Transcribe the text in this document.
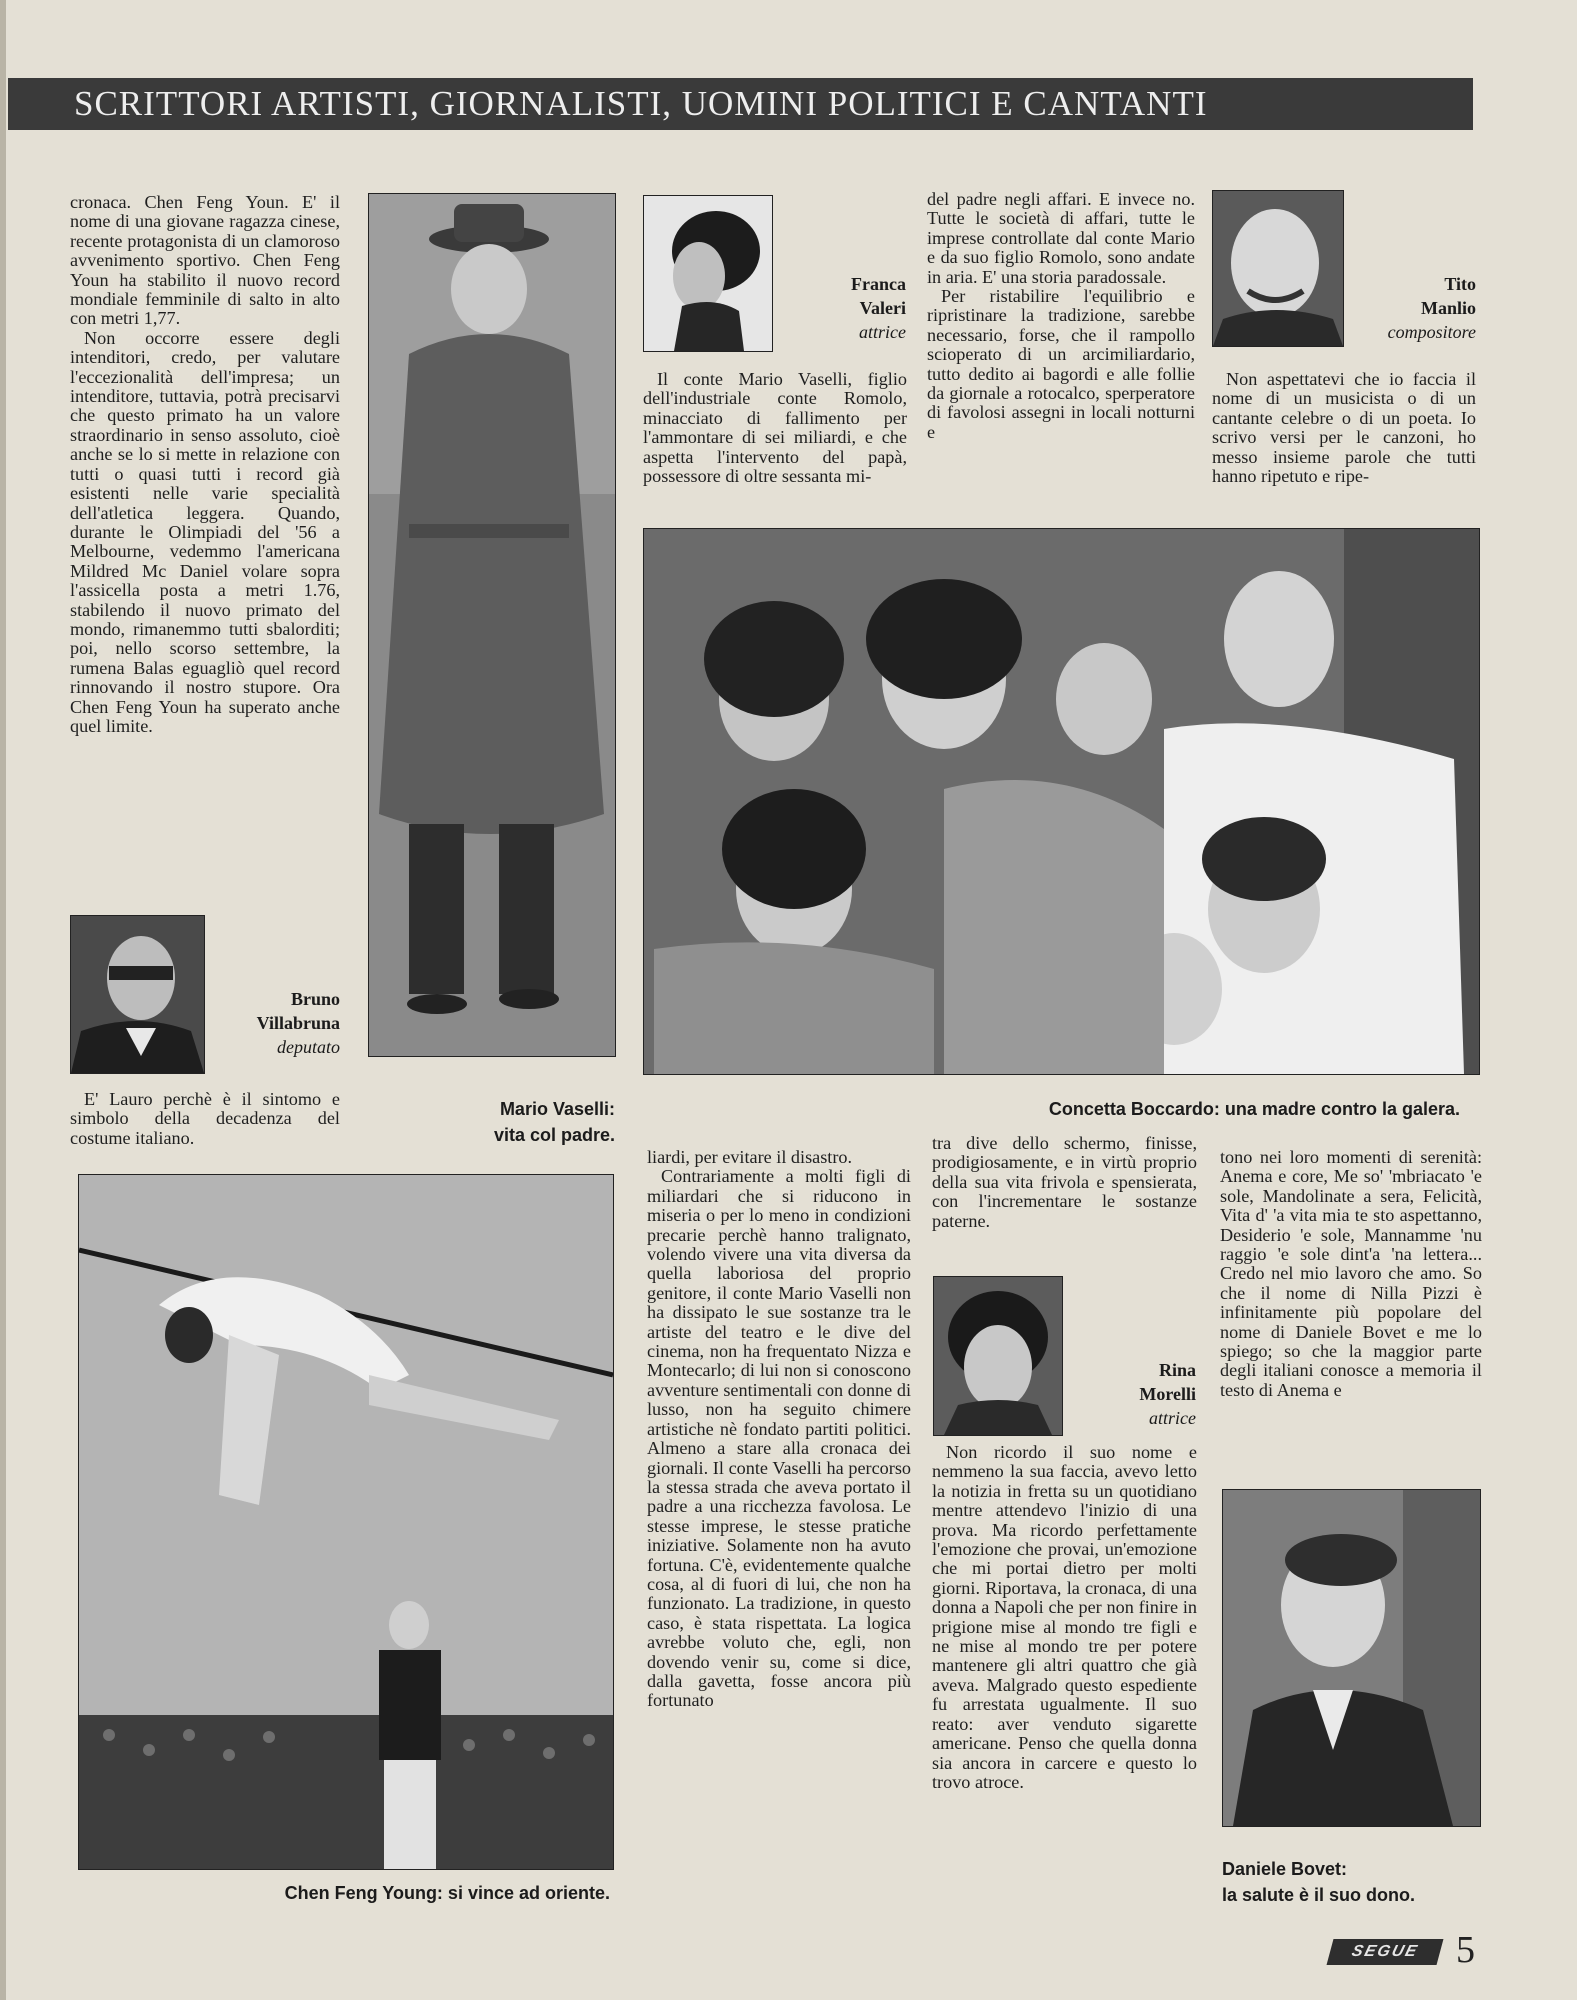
SCRITTORI ARTISTI, GIORNALISTI, UOMINI POLITICI E CANTANTI

cronaca. Chen Feng Youn. E' il nome di una giovane ragazza cinese, recente protagonista di un clamoroso avvenimento sportivo. Chen Feng Youn ha stabilito il nuovo record mondiale femminile di salto in alto con metri 1,77.

Non occorre essere degli intenditori, credo, per valutare l'eccezionalità dell'impresa; un intenditore, tuttavia, potrà precisarvi che questo primato ha un valore straordinario in senso assoluto, cioè anche se lo si mette in relazione con tutti o quasi tutti i record già esistenti nelle varie specialità dell'atletica leggera. Quando, durante le Olimpiadi del '56 a Melbourne, vedemmo l'americana Mildred Mc Daniel volare sopra l'assicella posta a metri 1.76, stabilendo il nuovo primato del mondo, rimanemmo tutti sbalorditi; poi, nello scorso settembre, la rumena Balas eguagliò quel record rinnovando il nostro stupore. Ora Chen Feng Youn ha superato anche quel limite.

Bruno
Villabruna
deputato

E' Lauro perchè è il sintomo e simbolo della decadenza del costume italiano.

Mario Vaselli:
vita col padre.
Franca
Valeri
attrice

Il conte Mario Vaselli, figlio dell'industriale conte Romolo, minacciato di fallimento per l'ammontare di sei miliardi, e che aspetta l'intervento del papà, possessore di oltre sessanta mi-

del padre negli affari. E invece no. Tutte le società di affari, tutte le imprese controllate dal conte Mario e da suo figlio Romolo, sono andate in aria. E' una storia paradossale.

Per ristabilire l'equilibrio e ripristinare la tradizione, sarebbe necessario, forse, che il rampollo scioperato di un arcimiliardario, tutto dedito ai bagordi e alle follie da giornale a rotocalco, sperperatore di favolosi assegni in locali notturni e

Tito
Manlio
compositore

Non aspettatevi che io faccia il nome di un musicista o di un cantante celebre o di un poeta. Io scrivo versi per le canzoni, ho messo insieme parole che tutti hanno ripetuto e ripe-

Concetta Boccardo: una madre contro la galera.
Chen Feng Young: si vince ad oriente.

liardi, per evitare il disastro.

Contrariamente a molti figli di miliardari che si riducono in miseria o per lo meno in condizioni precarie perchè hanno tralignato, volendo vivere una vita diversa da quella laboriosa del proprio genitore, il conte Mario Vaselli non ha dissipato le sue sostanze tra le artiste del teatro e le dive del cinema, non ha frequentato Nizza e Montecarlo; di lui non si conoscono avventure sentimentali con donne di lusso, non ha seguito chimere artistiche nè fondato partiti politici. Almeno a stare alla cronaca dei giornali. Il conte Vaselli ha percorso la stessa strada che aveva portato il padre a una ricchezza favolosa. Le stesse imprese, le stesse pratiche iniziative. Solamente non ha avuto fortuna. C'è, evidentemente qualche cosa, al di fuori di lui, che non ha funzionato. La tradizione, in questo caso, è stata rispettata. La logica avrebbe voluto che, egli, non dovendo venir su, come si dice, dalla gavetta, fosse ancora più fortunato

tra dive dello schermo, finisse, prodigiosamente, e in virtù proprio della sua vita frivola e spensierata, con l'incrementare le sostanze paterne.

Rina
Morelli
attrice

Non ricordo il suo nome e nemmeno la sua faccia, avevo letto la notizia in fretta su un quotidiano mentre attendevo l'inizio di una prova. Ma ricordo perfettamente l'emozione che provai, un'emozione che mi portai dietro per molti giorni. Riportava, la cronaca, di una donna a Napoli che per non finire in prigione mise al mondo tre figli e ne mise al mondo tre per potere mantenere gli altri quattro che già aveva. Malgrado questo espediente fu arrestata ugualmente. Il suo reato: aver venduto sigarette americane. Penso che quella donna sia ancora in carcere e questo lo trovo atroce.

tono nei loro momenti di serenità: Anema e core, Me so' 'mbriacato 'e sole, Mandolinate a sera, Felicità, Vita d' 'a vita mia te sto aspettanno, Desiderio 'e sole, Mannamme 'nu raggio 'e sole dint'a 'na lettera... Credo nel mio lavoro che amo. So che il nome di Nilla Pizzi è infinitamente più popolare del nome di Daniele Bovet e me lo spiego; so che la maggior parte degli italiani conosce a memoria il testo di Anema e

Daniele Bovet:
la salute è il suo dono.
SEGUE 5
